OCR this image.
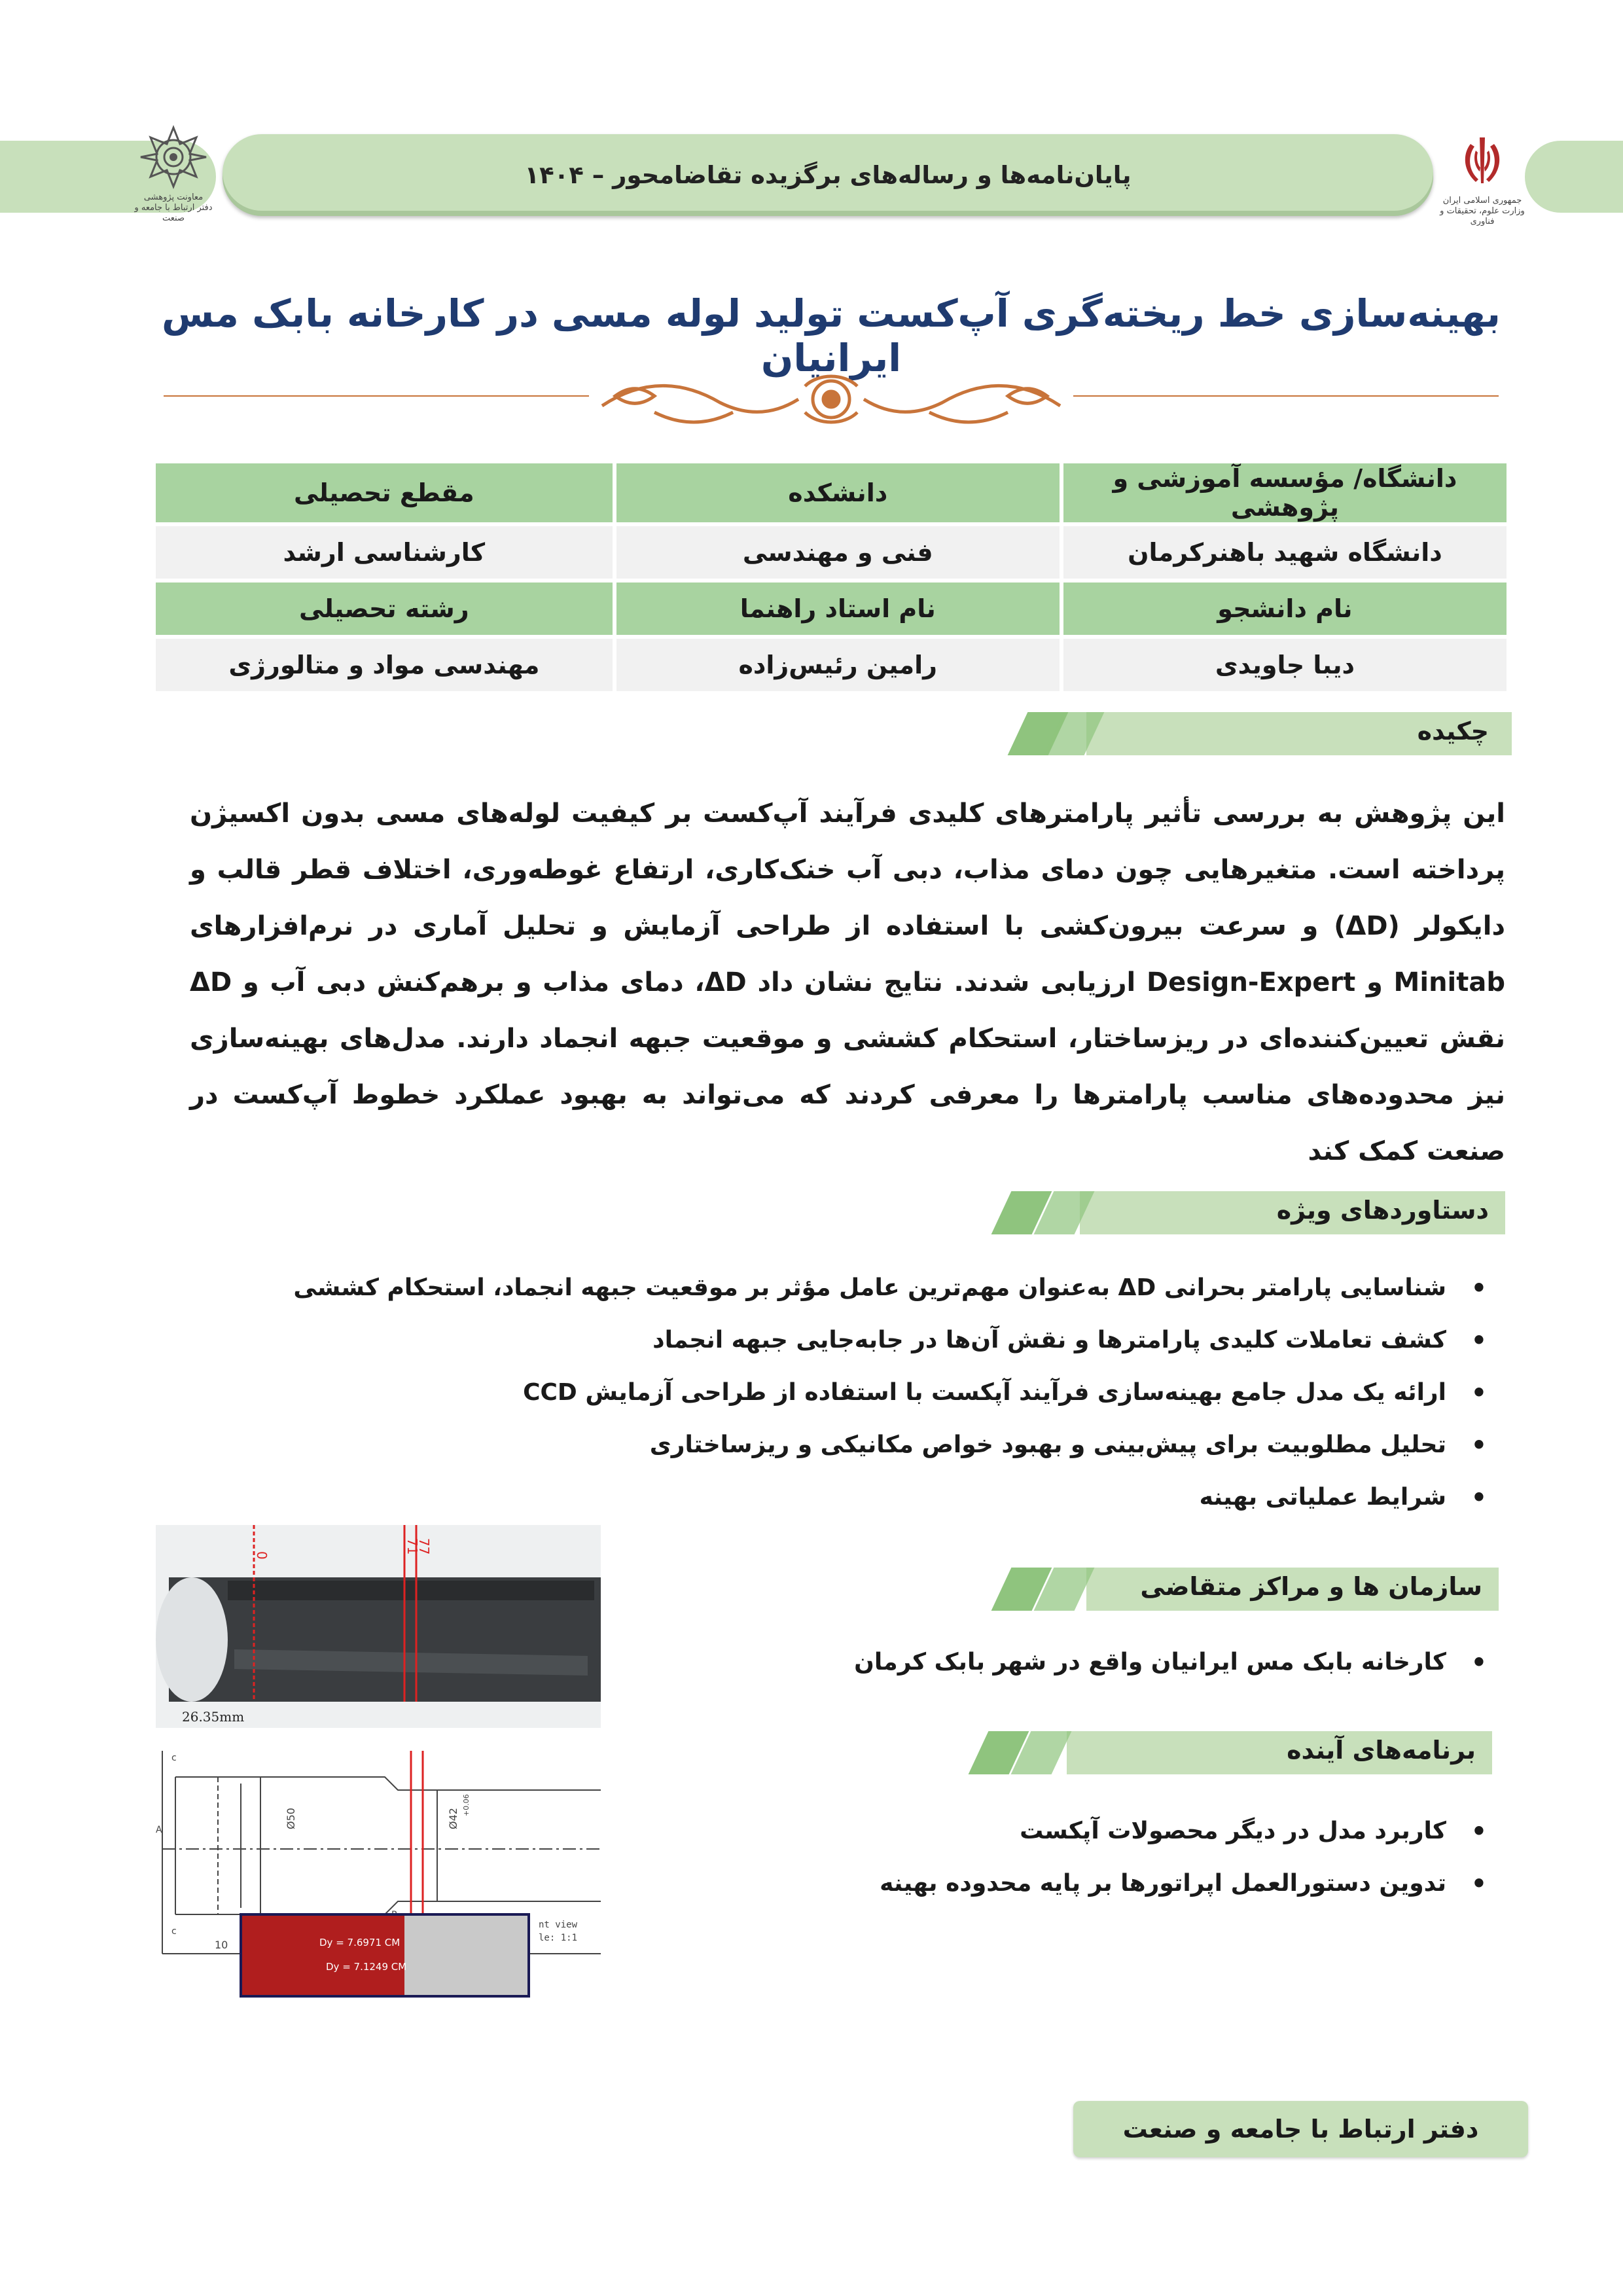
پایان‌نامه‌ها و رساله‌های برگزیده تقاضامحور – ۱۴۰۴
معاونت پژوهشی
دفتر ارتباط با جامعه و صنعت
جمهوری اسلامی ایران
وزارت علوم، تحقیقات و فناوری
بهینه‌سازی خط ریخته‌گری آپ‌کست تولید لوله مسی در کارخانه بابک مس ایرانیان
دانشگاه/ مؤسسه آموزشی و پژوهشی	دانشکده	مقطع تحصیلی
دانشگاه شهید باهنرکرمان	فنی و مهندسی	کارشناسی ارشد
نام دانشجو	نام استاد راهنما	رشته تحصیلی
دیبا جاویدی	رامین رئیس‌زاده	مهندسی مواد و متالورژی
چکیده
این پژوهش به بررسی تأثیر پارامترهای کلیدی فرآیند آپ‌کست بر کیفیت لوله‌های مسی بدون اکسیژن پرداخته است. متغیرهایی چون دمای مذاب، دبی آب خنک‌کاری، ارتفاع غوطه‌وری، اختلاف قطر قالب و دایکولر (ΔD) و سرعت بیرون‌کشی با استفاده از طراحی آزمایش و تحلیل آماری در نرم‌افزارهای Minitab و Design-Expert ارزیابی شدند. نتایج نشان داد ΔD، دمای مذاب و برهم‌کنش دبی آب و ΔD نقش تعیین‌کننده‌ای در ریزساختار، استحکام کششی و موقعیت جبهه انجماد دارند. مدل‌های بهینه‌سازی نیز محدوده‌های مناسب پارامترها را معرفی کردند که می‌تواند به بهبود عملکرد خطوط آپ‌کست در صنعت کمک کند
دستاوردهای ویژه
• شناسایی پارامتر بحرانی ΔD به‌عنوان مهم‌ترین عامل مؤثر بر موقعیت جبهه انجماد، استحکام کششی
• کشف تعاملات کلیدی پارامترها و نقش آن‌ها در جابه‌جایی جبهه انجماد
• ارائه یک مدل جامع بهینه‌سازی فرآیند آپکست با استفاده از طراحی آزمایش CCD
• تحلیل مطلوبیت برای پیش‌بینی و بهبود خواص مکانیکی و ریزساختاری
• شرایط عملیاتی بهینه
سازمان ها و مراکز متقاضی
• کارخانه بابک مس ایرانیان واقع در شهر بابک کرمان
برنامه‌های آینده
• کاربرد مدل در دیگر محصولات آپکست
• تدوین دستورالعمل اپراتورها بر پایه محدوده بهینه
0
71
77
26.35mm
c
c
A
Ø50	Ø42
+0.06
10	Dy = 7.6971 CM
Dy = 7.1249 CM
nt view
le: 1:1
دفتر ارتباط با جامعه و صنعت
